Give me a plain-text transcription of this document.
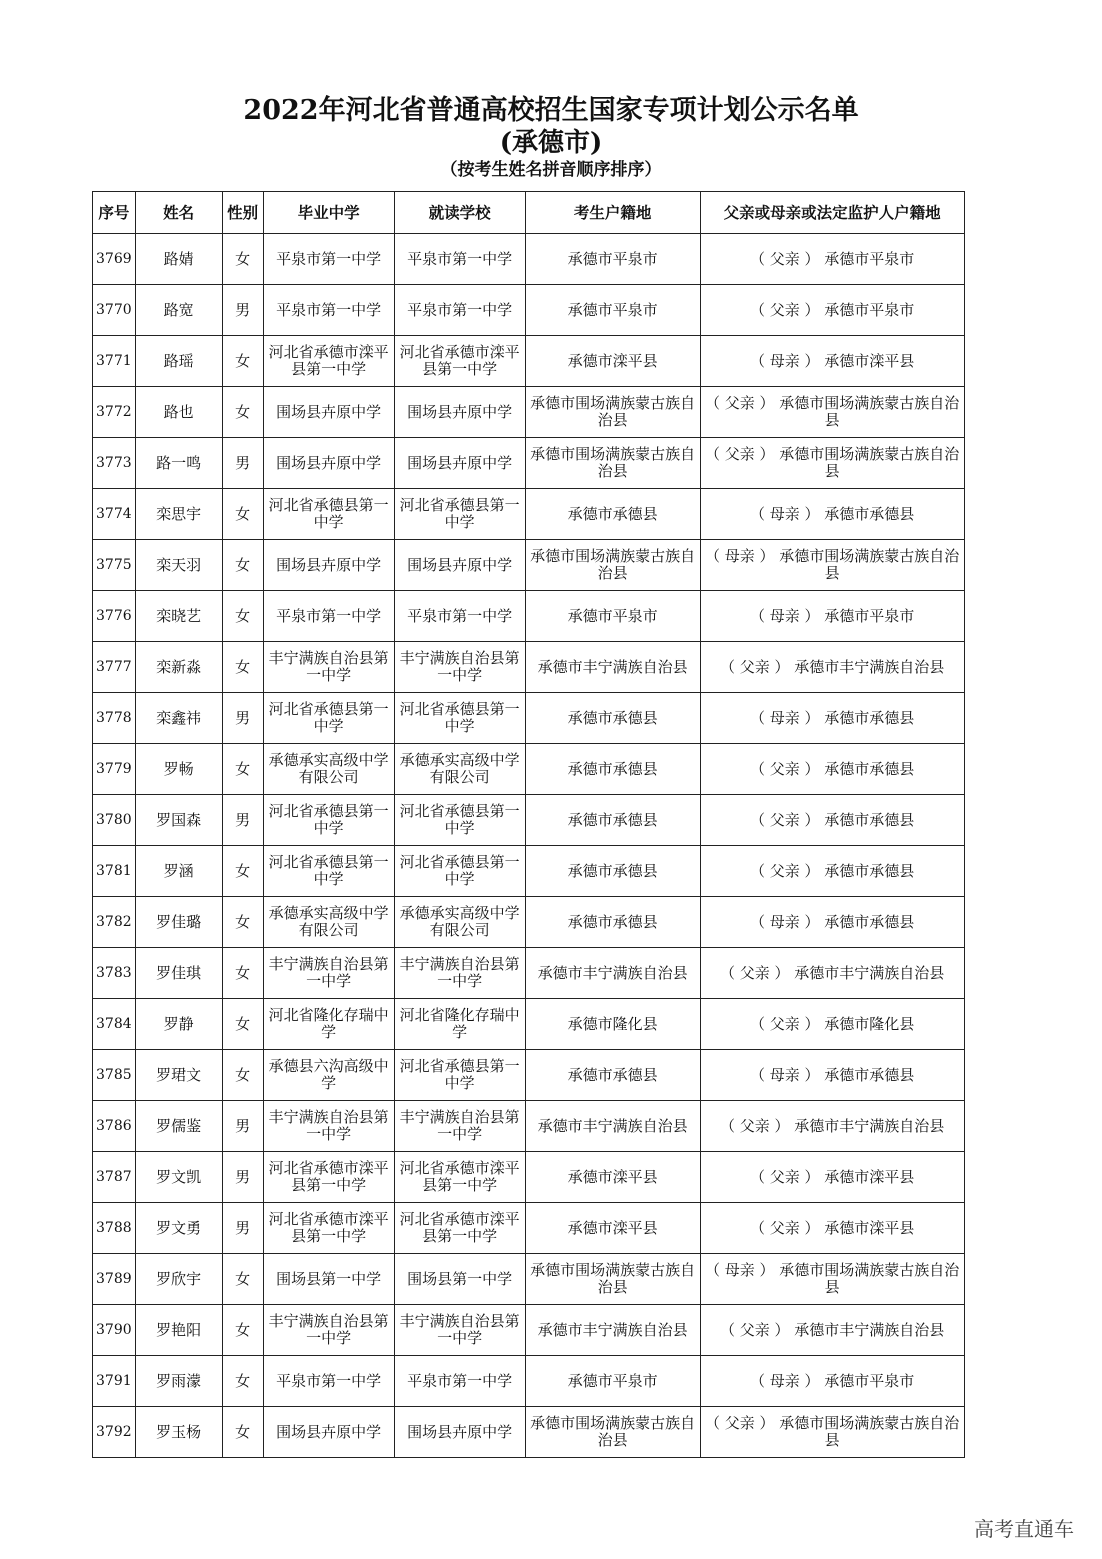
2022年河北省普通高校招生国家专项计划公示名单
(承德市)
（按考生姓名拼音顺序排序）
序号	姓名	性别	毕业中学	就读学校	考生户籍地	父亲或母亲或法定监护人户籍地
3769	路婧	女	平泉市第一中学	平泉市第一中学	承德市平泉市	（ 父亲 ） 承德市平泉市
3770	路宽	男	平泉市第一中学	平泉市第一中学	承德市平泉市	（ 父亲 ） 承德市平泉市
3771	路瑶	女	河北省承德市滦平县第一中学	河北省承德市滦平县第一中学	承德市滦平县	（ 母亲 ） 承德市滦平县
3772	路也	女	围场县卉原中学	围场县卉原中学	承德市围场满族蒙古族自治县	（ 父亲 ） 承德市围场满族蒙古族自治县
3773	路一鸣	男	围场县卉原中学	围场县卉原中学	承德市围场满族蒙古族自治县	（ 父亲 ） 承德市围场满族蒙古族自治县
3774	栾思宇	女	河北省承德县第一中学	河北省承德县第一中学	承德市承德县	（ 母亲 ） 承德市承德县
3775	栾天羽	女	围场县卉原中学	围场县卉原中学	承德市围场满族蒙古族自治县	（ 母亲 ） 承德市围场满族蒙古族自治县
3776	栾晓艺	女	平泉市第一中学	平泉市第一中学	承德市平泉市	（ 母亲 ） 承德市平泉市
3777	栾新淼	女	丰宁满族自治县第一中学	丰宁满族自治县第一中学	承德市丰宁满族自治县	（ 父亲 ） 承德市丰宁满族自治县
3778	栾鑫祎	男	河北省承德县第一中学	河北省承德县第一中学	承德市承德县	（ 母亲 ） 承德市承德县
3779	罗畅	女	承德承实高级中学有限公司	承德承实高级中学有限公司	承德市承德县	（ 父亲 ） 承德市承德县
3780	罗国森	男	河北省承德县第一中学	河北省承德县第一中学	承德市承德县	（ 父亲 ） 承德市承德县
3781	罗涵	女	河北省承德县第一中学	河北省承德县第一中学	承德市承德县	（ 父亲 ） 承德市承德县
3782	罗佳璐	女	承德承实高级中学有限公司	承德承实高级中学有限公司	承德市承德县	（ 母亲 ） 承德市承德县
3783	罗佳琪	女	丰宁满族自治县第一中学	丰宁满族自治县第一中学	承德市丰宁满族自治县	（ 父亲 ） 承德市丰宁满族自治县
3784	罗静	女	河北省隆化存瑞中学	河北省隆化存瑞中学	承德市隆化县	（ 父亲 ） 承德市隆化县
3785	罗珺文	女	承德县六沟高级中学	河北省承德县第一中学	承德市承德县	（ 母亲 ） 承德市承德县
3786	罗儒鉴	男	丰宁满族自治县第一中学	丰宁满族自治县第一中学	承德市丰宁满族自治县	（ 父亲 ） 承德市丰宁满族自治县
3787	罗文凯	男	河北省承德市滦平县第一中学	河北省承德市滦平县第一中学	承德市滦平县	（ 父亲 ） 承德市滦平县
3788	罗文勇	男	河北省承德市滦平县第一中学	河北省承德市滦平县第一中学	承德市滦平县	（ 父亲 ） 承德市滦平县
3789	罗欣宇	女	围场县第一中学	围场县第一中学	承德市围场满族蒙古族自治县	（ 母亲 ） 承德市围场满族蒙古族自治县
3790	罗艳阳	女	丰宁满族自治县第一中学	丰宁满族自治县第一中学	承德市丰宁满族自治县	（ 父亲 ） 承德市丰宁满族自治县
3791	罗雨濛	女	平泉市第一中学	平泉市第一中学	承德市平泉市	（ 母亲 ） 承德市平泉市
3792	罗玉杨	女	围场县卉原中学	围场县卉原中学	承德市围场满族蒙古族自治县	（ 父亲 ） 承德市围场满族蒙古族自治县
高考直通车
